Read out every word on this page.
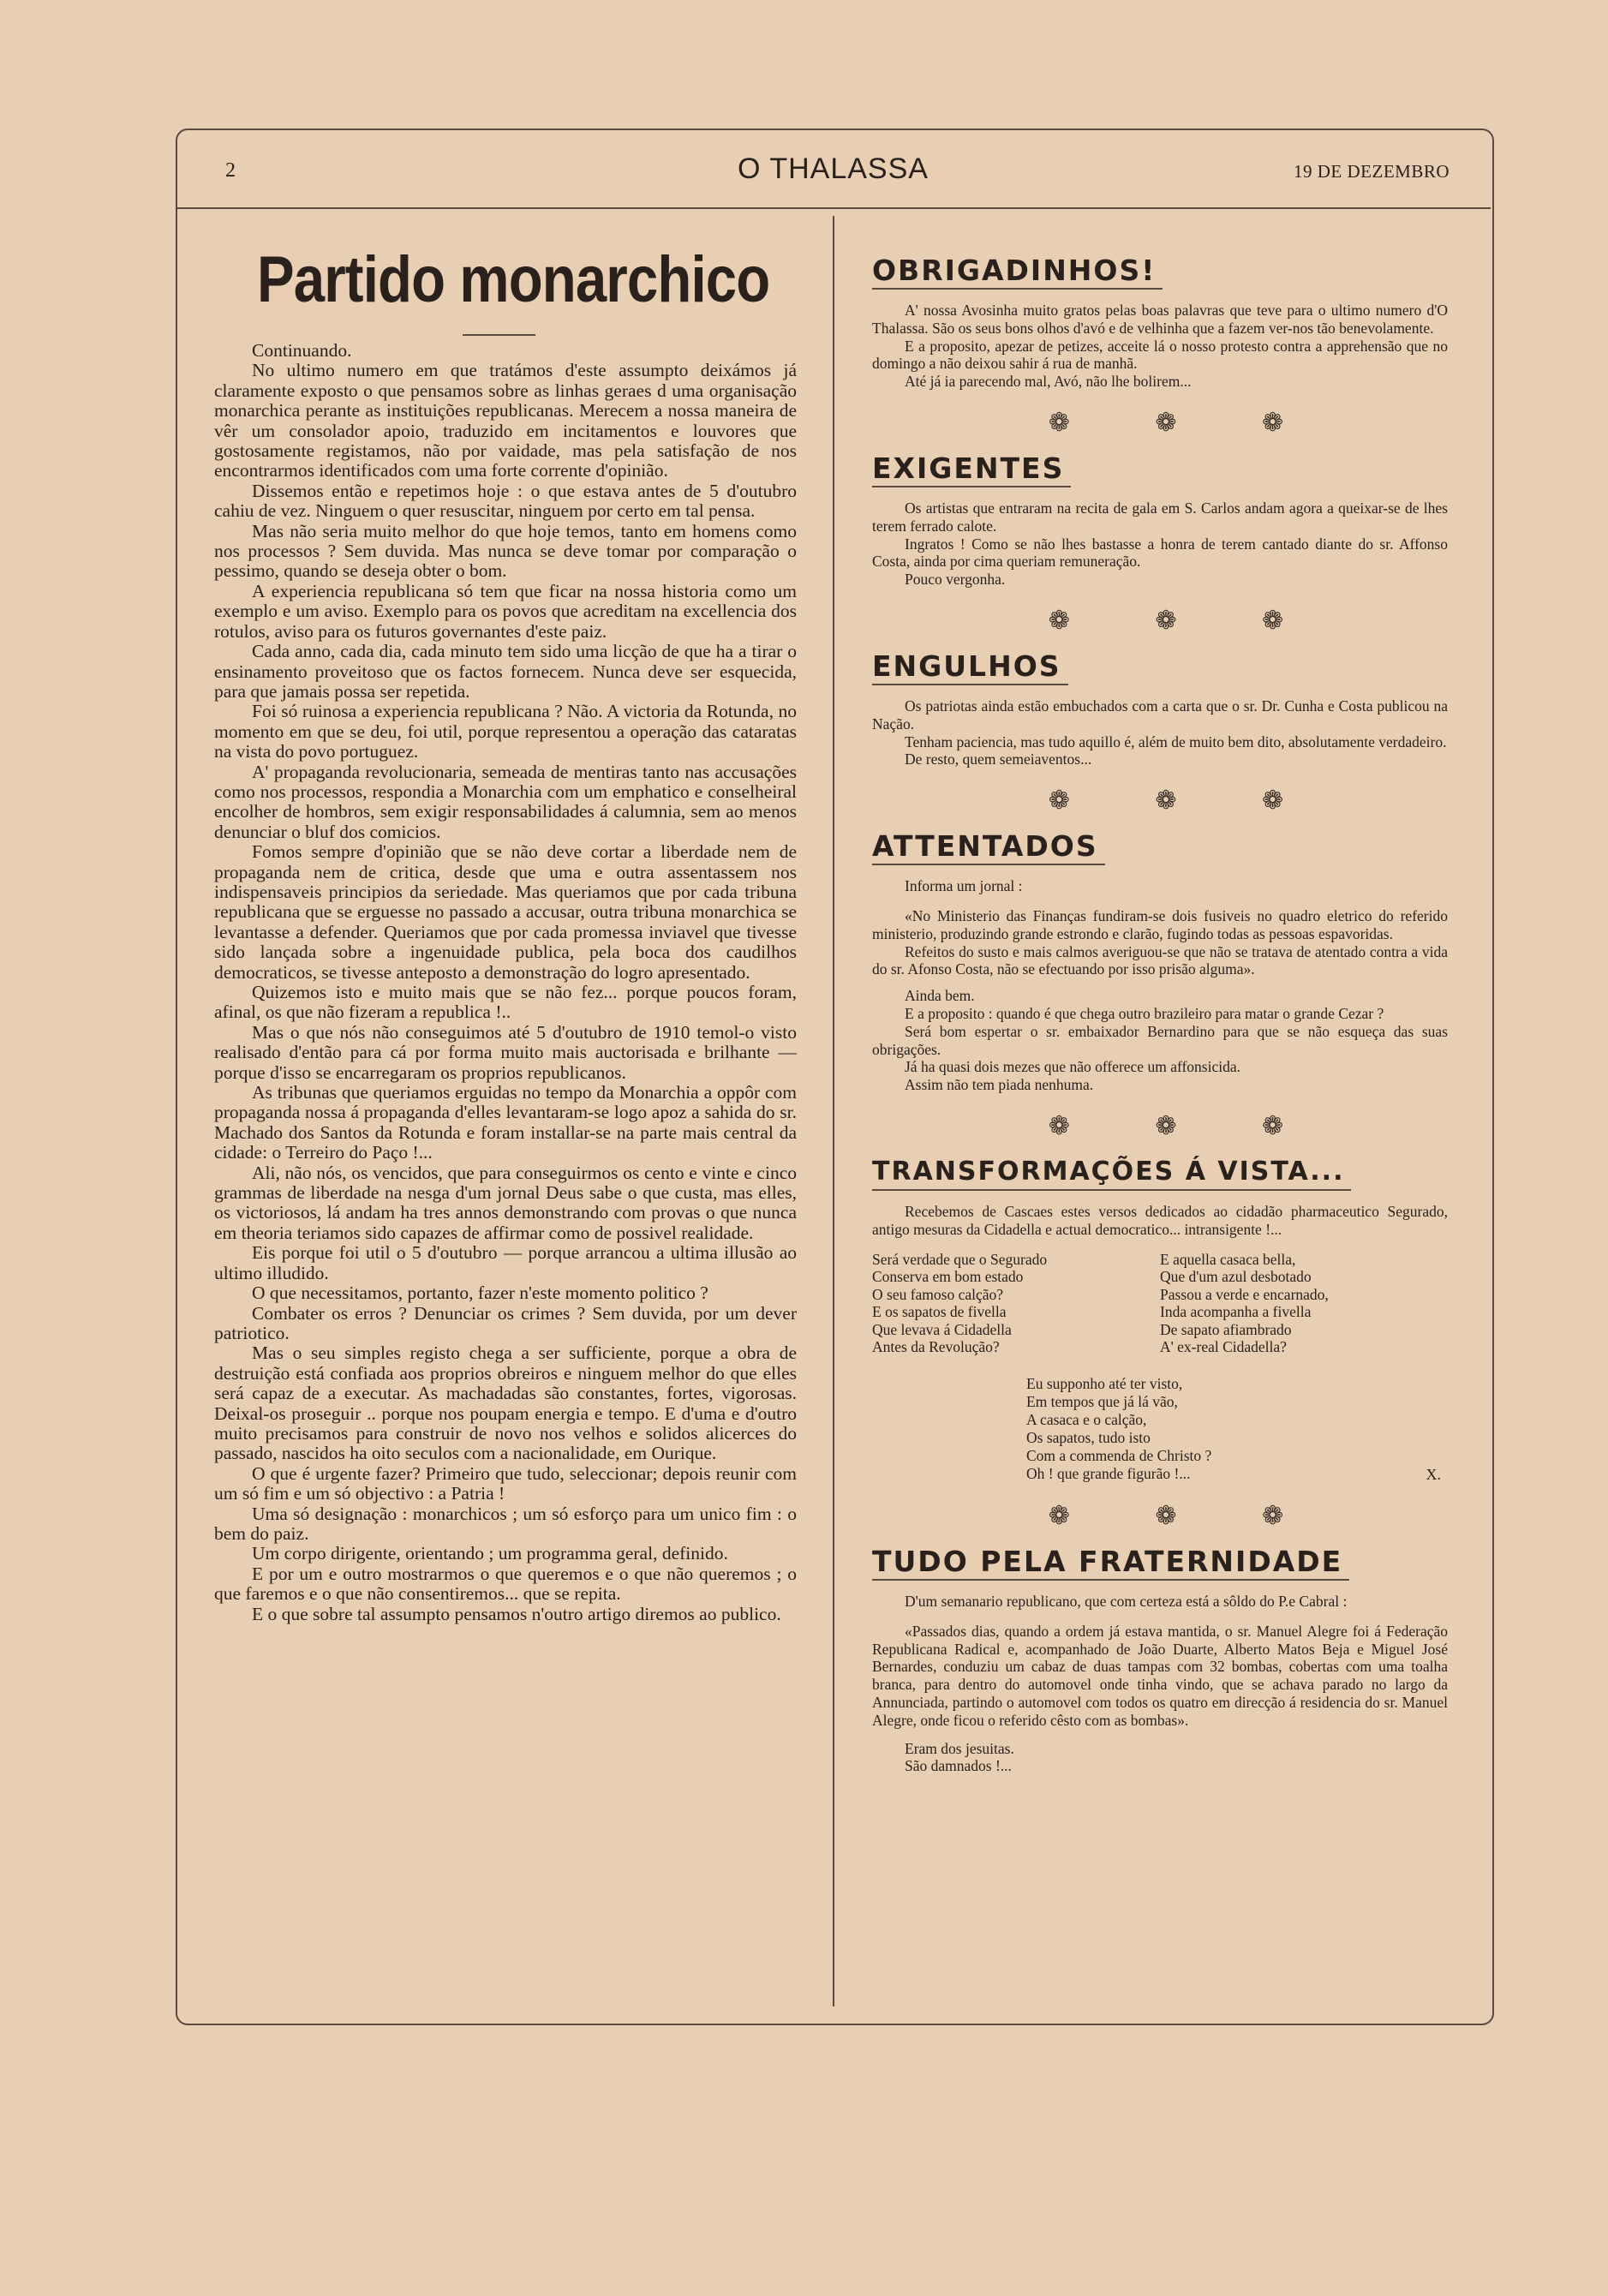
2	O THALASSA	19 DE DEZEMBRO
Partido monarchico

Continuando.

No ultimo numero em que tratámos d'este assumpto deixámos já claramente exposto o que pensamos sobre as linhas geraes d uma organisação monarchica perante as instituições republicanas. Merecem a nossa maneira de vêr um consolador apoio, traduzido em incitamentos e louvores que gostosamente registamos, não por vaidade, mas pela satisfação de nos encontrarmos identificados com uma forte corrente d'opinião.

Dissemos então e repetimos hoje : o que estava antes de 5 d'outubro cahiu de vez. Ninguem o quer resuscitar, ninguem por certo em tal pensa.

Mas não seria muito melhor do que hoje temos, tanto em homens como nos processos ? Sem duvida. Mas nunca se deve tomar por comparação o pessimo, quando se deseja obter o bom.

A experiencia republicana só tem que ficar na nossa historia como um exemplo e um aviso. Exemplo para os povos que acreditam na excellencia dos rotulos, aviso para os futuros governantes d'este paiz.

Cada anno, cada dia, cada minuto tem sido uma licção de que ha a tirar o ensinamento proveitoso que os factos fornecem. Nunca deve ser esquecida, para que jamais possa ser repetida.

Foi só ruinosa a experiencia republicana ? Não. A victoria da Rotunda, no momento em que se deu, foi util, porque representou a operação das cataratas na vista do povo portuguez.

A' propaganda revolucionaria, semeada de mentiras tanto nas accusações como nos processos, respondia a Monarchia com um emphatico e conselheiral encolher de hombros, sem exigir responsabilidades á calumnia, sem ao menos denunciar o bluf dos comicios.

Fomos sempre d'opinião que se não deve cortar a liberdade nem de propaganda nem de critica, desde que uma e outra assentassem nos indispensaveis principios da seriedade. Mas queriamos que por cada tribuna republicana que se erguesse no passado a accusar, outra tribuna monarchica se levantasse a defender. Queriamos que por cada promessa inviavel que tivesse sido lançada sobre a ingenuidade publica, pela boca dos caudilhos democraticos, se tivesse anteposto a demonstração do logro apresentado.

Quizemos isto e muito mais que se não fez... porque poucos foram, afinal, os que não fizeram a republica !..

Mas o que nós não conseguimos até 5 d'outubro de 1910 temol-o visto realisado d'então para cá por forma muito mais auctorisada e brilhante — porque d'isso se encarregaram os proprios republicanos.

As tribunas que queriamos erguidas no tempo da Monarchia a oppôr com propaganda nossa á propaganda d'elles levantaram-se logo apoz a sahida do sr. Machado dos Santos da Rotunda e foram installar-se na parte mais central da cidade: o Terreiro do Paço !...

Ali, não nós, os vencidos, que para conseguirmos os cento e vinte e cinco grammas de liberdade na nesga d'um jornal Deus sabe o que custa, mas elles, os victoriosos, lá andam ha tres annos demonstrando com provas o que nunca em theoria teriamos sido capazes de affirmar como de possivel realidade.

Eis porque foi util o 5 d'outubro — porque arrancou a ultima illusão ao ultimo illudido.

O que necessitamos, portanto, fazer n'este momento politico ?

Combater os erros ? Denunciar os crimes ? Sem duvida, por um dever patriotico.

Mas o seu simples registo chega a ser sufficiente, porque a obra de destruição está confiada aos proprios obreiros e ninguem melhor do que elles será capaz de a executar. As machadadas são constantes, fortes, vigorosas. Deixal-os proseguir .. porque nos poupam energia e tempo. E d'uma e d'outro muito precisamos para construir de novo nos velhos e solidos alicerces do passado, nascidos ha oito seculos com a nacionalidade, em Ourique.

O que é urgente fazer? Primeiro que tudo, seleccionar; depois reunir com um só fim e um só objectivo : a Patria !

Uma só designação : monarchicos ; um só esforço para um unico fim : o bem do paiz.

Um corpo dirigente, orientando ; um programma geral, definido.

E por um e outro mostrarmos o que queremos e o que não queremos ; o que faremos e o que não consentiremos... que se repita.

E o que sobre tal assumpto pensamos n'outro artigo diremos ao publico.

OBRIGADINHOS!

A' nossa Avosinha muito gratos pelas boas palavras que teve para o ultimo numero d'O Thalassa. São os seus bons olhos d'avó e de velhinha que a fazem ver-nos tão benevolamente.

E a proposito, apezar de petizes, acceite lá o nosso protesto contra a apprehensão que no domingo a não deixou sahir á rua de manhã.

Até já ia parecendo mal, Avó, não lhe bolirem...

❁ ❁ ❁
EXIGENTES

Os artistas que entraram na recita de gala em S. Carlos andam agora a queixar-se de lhes terem ferrado calote.

Ingratos ! Como se não lhes bastasse a honra de terem cantado diante do sr. Affonso Costa, ainda por cima queriam remuneração.

Pouco vergonha.

❁ ❁ ❁
ENGULHOS

Os patriotas ainda estão embuchados com a carta que o sr. Dr. Cunha e Costa publicou na Nação.

Tenham paciencia, mas tudo aquillo é, além de muito bem dito, absolutamente verdadeiro.

De resto, quem semeiaventos...

❁ ❁ ❁
ATTENTADOS

Informa um jornal :

«No Ministerio das Finanças fundiram-se dois fusiveis no quadro eletrico do referido ministerio, produzindo grande estrondo e clarão, fugindo todas as pessoas espavoridas.

Refeitos do susto e mais calmos averiguou-se que não se tratava de atentado contra a vida do sr. Afonso Costa, não se efectuando por isso prisão alguma».

Ainda bem.

E a proposito : quando é que chega outro brazileiro para matar o grande Cezar ?

Será bom espertar o sr. embaixador Bernardino para que se não esqueça das suas obrigações.

Já ha quasi dois mezes que não offerece um affonsicida.

Assim não tem piada nenhuma.

❁ ❁ ❁
TRANSFORMAÇÕES Á VISTA...

Recebemos de Cascaes estes versos dedicados ao cidadão pharmaceutico Segurado, antigo mesuras da Cidadella e actual democratico... intransigente !...

Será verdade que o Segurado
Conserva em bom estado
O seu famoso calção?
E os sapatos de fivella
Que levava á Cidadella
Antes da Revolução?
E aquella casaca bella,
Que d'um azul desbotado
Passou a verde e encarnado,
Inda acompanha a fivella
De sapato afiambrado
A' ex-real Cidadella?
Eu supponho até ter visto,
Em tempos que já lá vão,
A casaca e o calção,
Os sapatos, tudo isto
Com a commenda de Christo ?
Oh ! que grande figurão !...	X.
❁ ❁ ❁
TUDO PELA FRATERNIDADE

D'um semanario republicano, que com certeza está a sôldo do P.e Cabral :

«Passados dias, quando a ordem já estava mantida, o sr. Manuel Alegre foi á Federação Republicana Radical e, acompanhado de João Duarte, Alberto Matos Beja e Miguel José Bernardes, conduziu um cabaz de duas tampas com 32 bombas, cobertas com uma toalha branca, para dentro do automovel onde tinha vindo, que se achava parado no largo da Annunciada, partindo o automovel com todos os quatro em direcção á residencia do sr. Manuel Alegre, onde ficou o referido cêsto com as bombas».

Eram dos jesuitas.

São damnados !...
